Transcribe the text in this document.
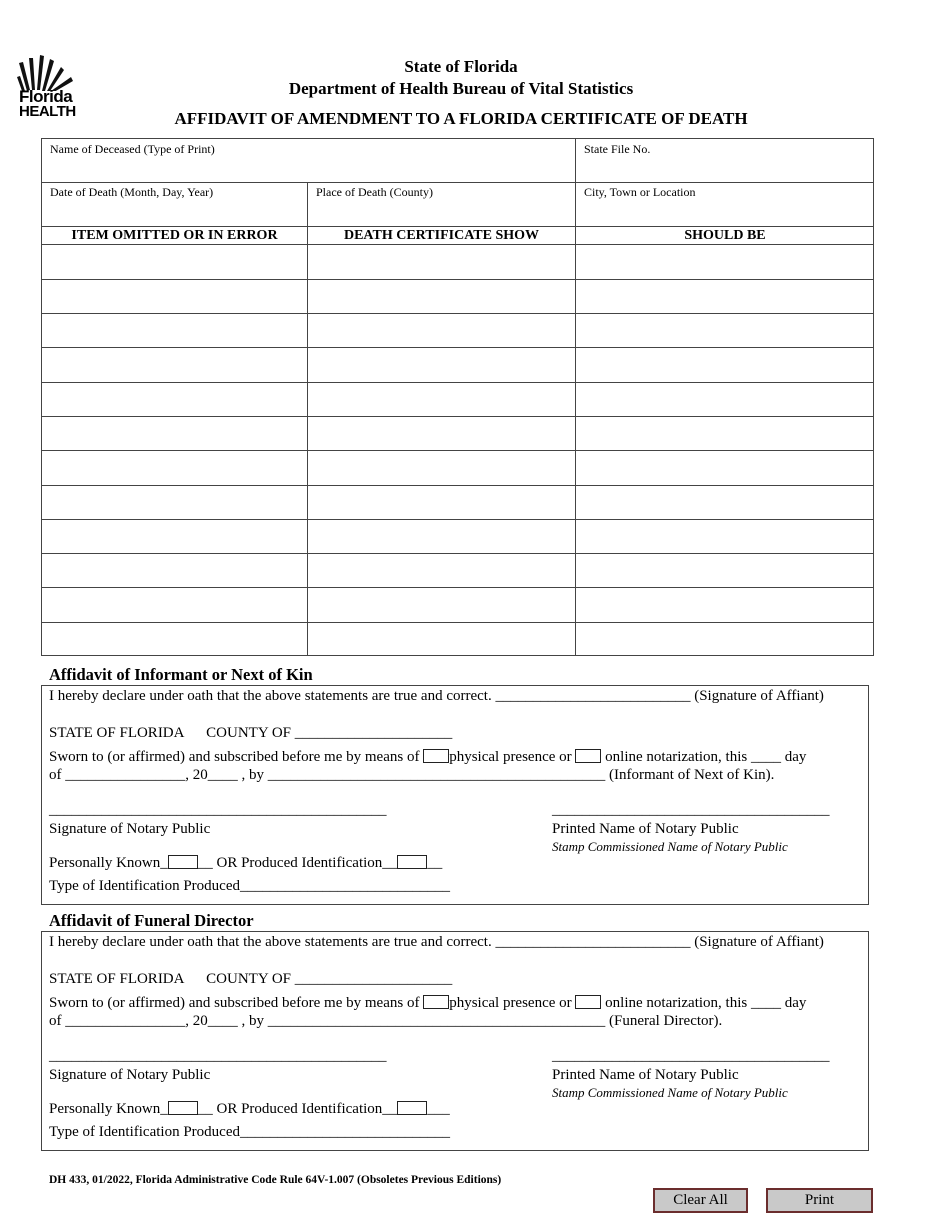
Florida
HEALTH
State of Florida
Department of Health Bureau of Vital Statistics
AFFIDAVIT OF AMENDMENT TO A FLORIDA CERTIFICATE OF DEATH
Name of Deceased (Type of Print)	State File No.
Date of Death (Month, Day, Year)	Place of Death (County)	City, Town or Location
ITEM OMITTED OR IN ERROR	DEATH CERTIFICATE SHOW	SHOULD BE
Affidavit of Informant or Next of Kin
I hereby declare under oath that the above statements are true and correct. __________________________ (Signature of Affiant)
STATE OF FLORIDA      COUNTY OF _____________________
Sworn to (or affirmed) and subscribed before me by means of physical presence or online notarization, this ____ day
of ________________, 20____ , by _____________________________________________ (Informant of Next of Kin).
_____________________________________________	_____________________________________
Signature of Notary Public	Printed Name of Notary Public
Stamp Commissioned Name of Notary Public
Personally Known_ __ OR Produced Identification__ __
Type of Identification Produced____________________________
Affidavit of Funeral Director
I hereby declare under oath that the above statements are true and correct. __________________________ (Signature of Affiant)
STATE OF FLORIDA      COUNTY OF _____________________
Sworn to (or affirmed) and subscribed before me by means of physical presence or online notarization, this ____ day
of ________________, 20____ , by _____________________________________________ (Funeral Director).
_____________________________________________	_____________________________________
Signature of Notary Public	Printed Name of Notary Public
Stamp Commissioned Name of Notary Public
Personally Known_ __ OR Produced Identification__ ___
Type of Identification Produced____________________________
DH 433, 01/2022, Florida Administrative Code Rule 64V-1.007 (Obsoletes Previous Editions)
Clear All	Print
